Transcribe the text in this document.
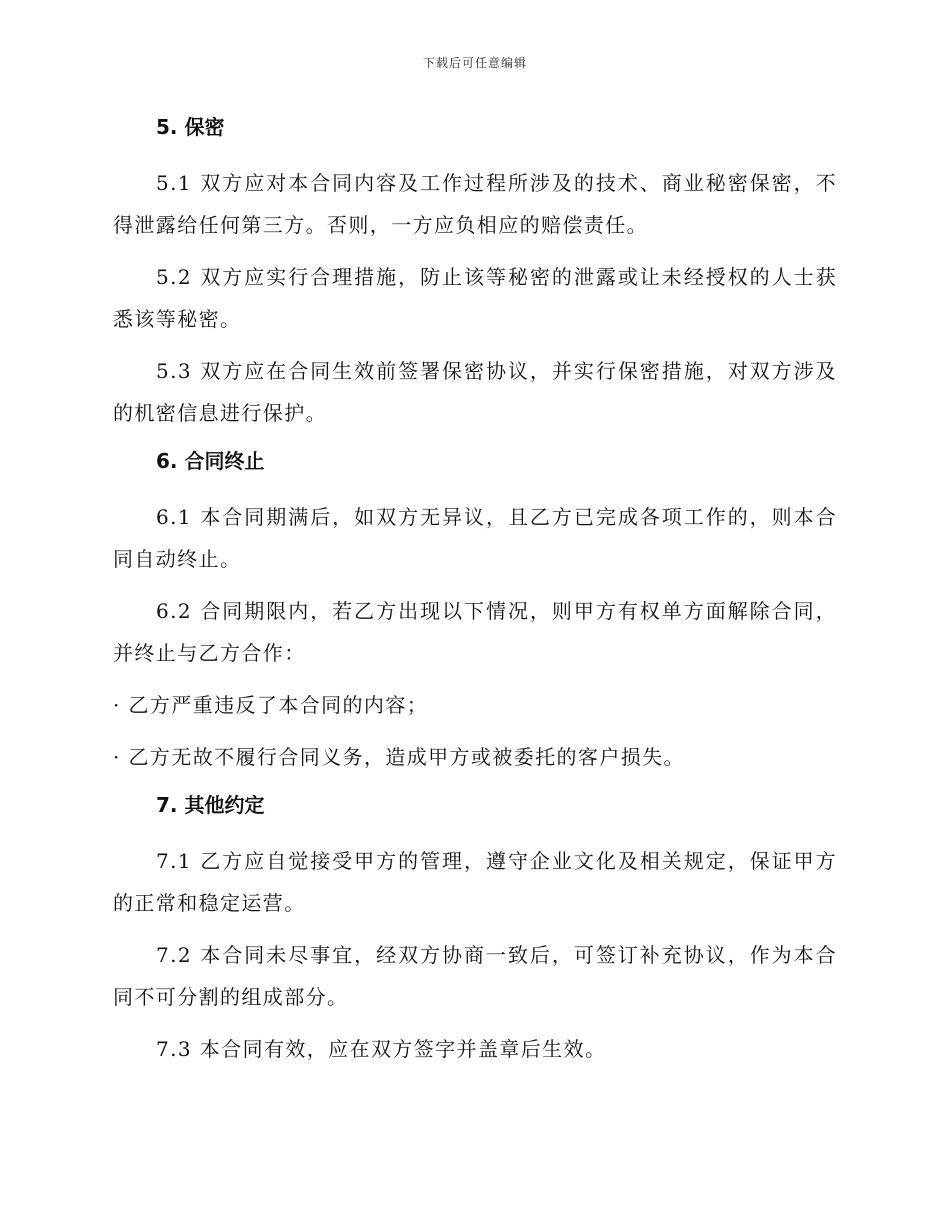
下载后可任意编辑
5. 保密

5.1 双方应对本合同内容及工作过程所涉及的技术、商业秘密保密，不得泄露给任何第三方。否则，一方应负相应的赔偿责任。

5.2 双方应实行合理措施，防止该等秘密的泄露或让未经授权的人士获悉该等秘密。

5.3 双方应在合同生效前签署保密协议，并实行保密措施，对双方涉及的机密信息进行保护。

6. 合同终止

6.1 本合同期满后，如双方无异议，且乙方已完成各项工作的，则本合同自动终止。

6.2 合同期限内，若乙方出现以下情况，则甲方有权单方面解除合同，并终止与乙方合作：

· 乙方严重违反了本合同的内容；

· 乙方无故不履行合同义务，造成甲方或被委托的客户损失。

7. 其他约定

7.1 乙方应自觉接受甲方的管理，遵守企业文化及相关规定，保证甲方的正常和稳定运营。

7.2 本合同未尽事宜，经双方协商一致后，可签订补充协议，作为本合同不可分割的组成部分。

7.3 本合同有效，应在双方签字并盖章后生效。
